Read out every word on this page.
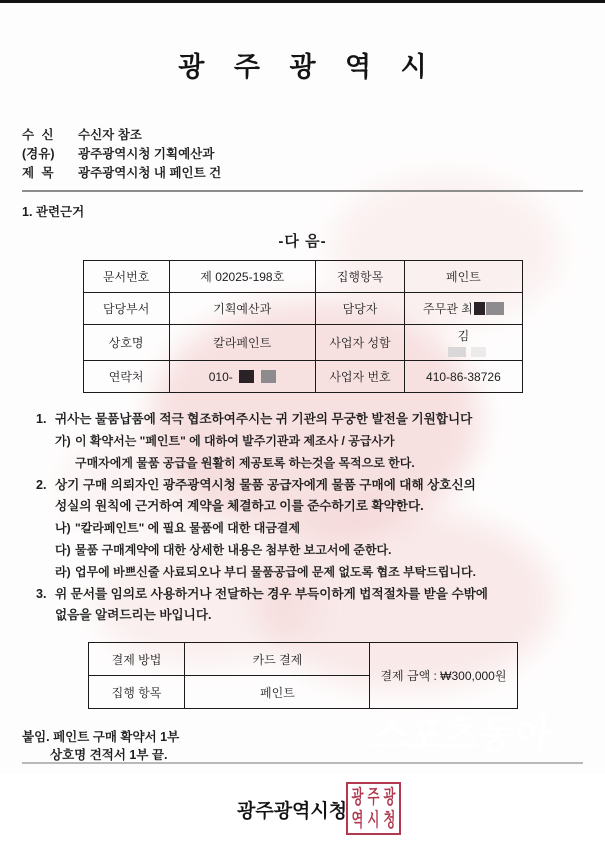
광 주 광 역 시
수 신	수신자 참조
(경유)	광주광역시청 기획예산과
제 목	광주광역시청 내 페인트 건

1. 관련근거

-다 음-
문서번호	제 02025-198호	집행항목	페인트
담당부서	기획예산과	담당자	주무관 최
상호명	칼라페인트	사업자 성함	김

연락처	010-	사업자 번호	410-86-38726
1. 귀사는 물품납품에 적극 협조하여주시는 귀 기관의 무궁한 발전을 기원합니다
가) 이 확약서는 "페인트" 에 대하여 발주기관과 제조사 / 공급사가
구매자에게 물품 공급을 원활히 제공토록 하는것을 목적으로 한다.
2. 상기 구매 의뢰자인 광주광역시청 물품 공급자에게 물품 구매에 대해 상호신의
성실의 원칙에 근거하여 계약을 체결하고 이를 준수하기로 확약한다.
나) "칼라페인트" 에 필요 물품에 대한 대금결제
다) 물품 구매계약에 대한 상세한 내용은 첨부한 보고서에 준한다.
라) 업무에 바쁘신줄 사료되오나 부디 물품공급에 문제 없도록 협조 부탁드립니다.
3. 위 문서를 임의로 사용하거나 전달하는 경우 부득이하게 법적절차를 받을 수밖에
없음을 알려드리는 바입니다.
결제 방법	카드 결제	결제 금액 : ₩300,000원
집행 항목	페인트	
붙임. 페인트 구매 확약서 1부
상호명 견적서 1부 끝.
광주광역시청
광 주 광
역 시 청
스포츠동아
